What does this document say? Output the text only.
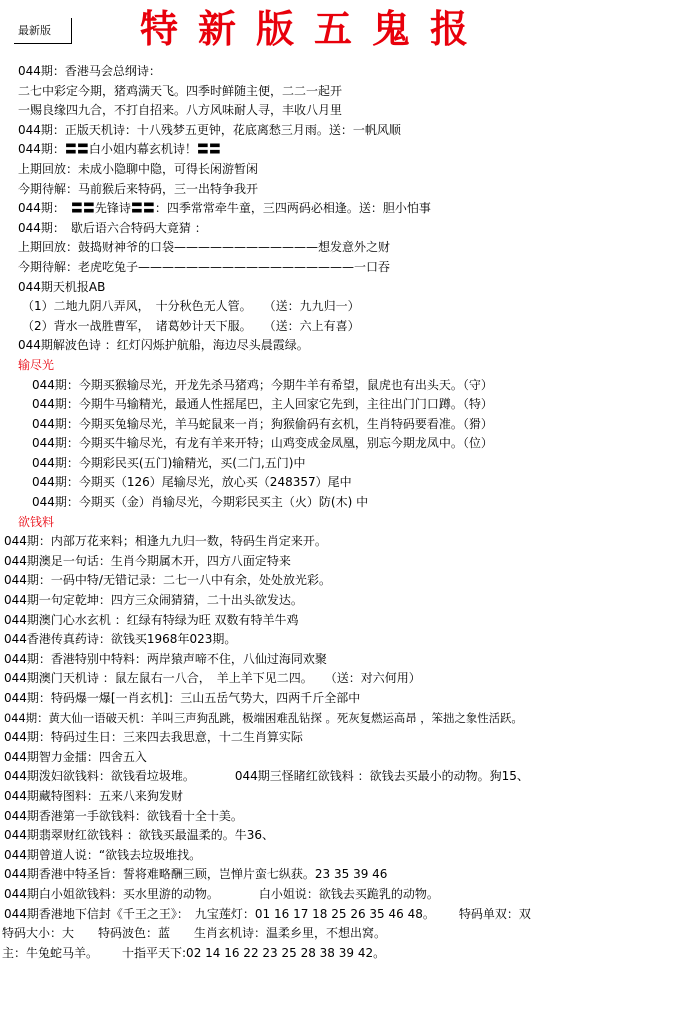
最新版	特新版五鬼报
044期：香港马会总纲诗：
二七中彩定今期，猪鸡满天飞。四季时鲜随主便，二二一起开
一赐良缘四九合，不打自招来。八方风味耐人寻，丰收八月里
044期：正版天机诗：十八残梦五更钟，花底离愁三月雨。送：一帆风顺
044期：〓〓白小姐内幕玄机诗！〓〓
上期回放：未成小隐聊中隐，可得长闲游暂闲
今期待解：马前猴后来特码，三一出特争我开
044期：　〓〓先锋诗〓〓：四季常常牵牛童，三四两码必相逢。送：胆小怕事
044期：　歇后语六合特码大竟猜 ：
上期回放：鼓捣财神爷的口袋————————————想发意外之财
今期待解：老虎吃兔子——————————————————一口吞
044期天机报AB
（1）二地九阴八弄风，　十分秋色无人管。　　（送：九九归一）
（2）背水一战胜曹军，　诸葛妙计天下服。　　（送：六上有喜）
044期解波色诗 ：红灯闪烁护航船，海边尽头晨霞绿。
输尽光
044期：今期买猴输尽光，开龙先杀马猪鸡；今期牛羊有希望，鼠虎也有出头天。（守）
044期：今期牛马输精光，最通人性摇尾巴，主人回家它先到，主往出门门口蹲。（特）
044期：今期买兔输尽光，羊马蛇鼠来一肖；狗猴偷码有玄机，生肖特码要看准。（猾）
044期：今期买牛输尽光，有龙有羊来开特；山鸡变成金凤凰，别忘今期龙凤中。（位）
044期：今期彩民买(五门)输精光，买(二门,五门)中
044期：今期买（126）尾输尽光，放心买（248357）尾中
044期：今期买（金）肖输尽光，今期彩民买主（火）防(木) 中
欲钱料
044期：内部万花来料；相逢九九归一数，特码生肖定来开。
044期澳足一句话：生肖今期属木开，四方八面定特来
044期：一码中特/无错记录：二七一八中有余，处处放光彩。
044期一句定乾坤：四方三众闹猜猜，二十出头欲发达。
044期澳门心水玄机 ：红绿有特绿为旺 双数有特羊牛鸡
044香港传真药诗：欲钱买1968年023期。
044期：香港特别中特料：两岸猿声啼不住，八仙过海同欢聚
044期澳门天机诗 ：鼠左鼠右一八合，　羊上羊下见二四。　　（送：对六何用）
044期：特码爆一爆[一肖玄机]：三山五岳气势大，四两千斤全部中
044期：黄大仙一语破天机：羊叫三声狗乱跳，极端困难乱钻探 。死灰复燃运高昂 ，笨拙之象性活跃。
044期：特码过生日：三来四去我思意，十二生肖算实际
044期智力金擂：四舍五入
044期泼妇欲钱料：欲钱看垃圾堆。	044期三怪睹红欲钱料 ：欲钱去买最小的动物。狗15、
044期藏特图料：五来八来狗发财
044期香港第一手欲钱料：欲钱看十全十美。
044期翡翠财红欲钱料 ：欲钱买最温柔的。牛36、
044期曾道人说：“欲钱去垃圾堆找。
044期香港中特圣旨：誓将难略酬三顾，岂惮片蛮七纵获。23 35 39 46
044期白小姐欲钱料：买水里游的动物。	白小姐说：欲钱去买跪乳的动物。
044期香港地下信封《千王之王》：　九宝莲灯：01 16 17 18 25 26 35 46 48。 特码单双：双
特码大小：大 特码波色：蓝 生肖玄机诗：温柔乡里，不想出窝。
主：牛兔蛇马羊。 十指平天下:02 14 16 22 23 25 28 38 39 42。
